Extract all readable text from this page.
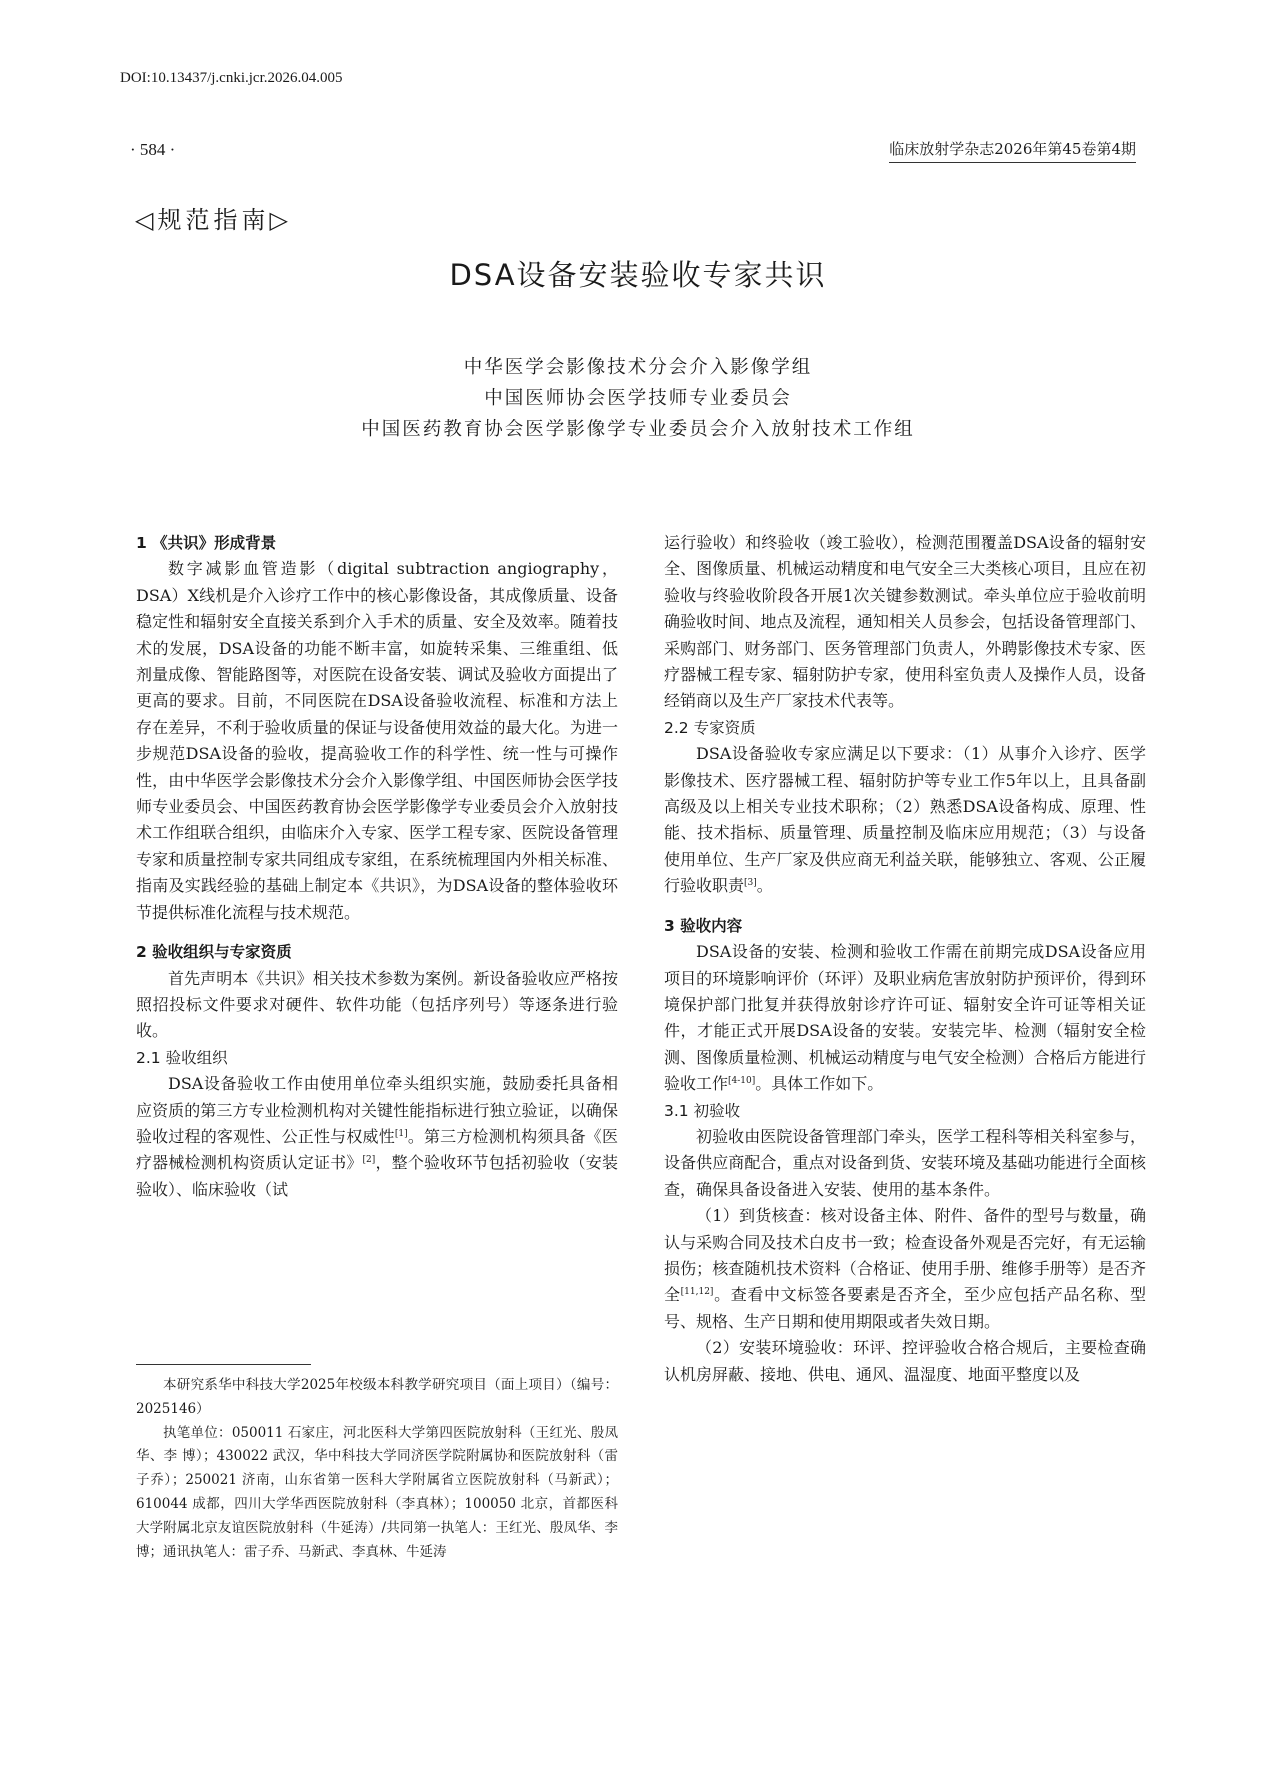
DOI:10.13437/j.cnki.jcr.2026.04.005
· 584 ·	临床放射学杂志2026年第45卷第4期
◁规范指南▷
DSA设备安装验收专家共识
中华医学会影像技术分会介入影像学组
中国医师协会医学技师专业委员会
中国医药教育协会医学影像学专业委员会介入放射技术工作组

1 《共识》形成背景

数字减影血管造影（digital subtraction angiography，DSA）X线机是介入诊疗工作中的核心影像设备，其成像质量、设备稳定性和辐射安全直接关系到介入手术的质量、安全及效率。随着技术的发展，DSA设备的功能不断丰富，如旋转采集、三维重组、低剂量成像、智能路图等，对医院在设备安装、调试及验收方面提出了更高的要求。目前，不同医院在DSA设备验收流程、标准和方法上存在差异，不利于验收质量的保证与设备使用效益的最大化。为进一步规范DSA设备的验收，提高验收工作的科学性、统一性与可操作性，由中华医学会影像技术分会介入影像学组、中国医师协会医学技师专业委员会、中国医药教育协会医学影像学专业委员会介入放射技术工作组联合组织，由临床介入专家、医学工程专家、医院设备管理专家和质量控制专家共同组成专家组，在系统梳理国内外相关标准、指南及实践经验的基础上制定本《共识》，为DSA设备的整体验收环节提供标准化流程与技术规范。

2 验收组织与专家资质

首先声明本《共识》相关技术参数为案例。新设备验收应严格按照招投标文件要求对硬件、软件功能（包括序列号）等逐条进行验收。

2.1 验收组织

DSA设备验收工作由使用单位牵头组织实施，鼓励委托具备相应资质的第三方专业检测机构对关键性能指标进行独立验证，以确保验收过程的客观性、公正性与权威性[1]。第三方检测机构须具备《医疗器械检测机构资质认定证书》[2]，整个验收环节包括初验收（安装验收）、临床验收（试

本研究系华中科技大学2025年校级本科教学研究项目（面上项目）（编号：2025146）

执笔单位：050011 石家庄，河北医科大学第四医院放射科（王红光、殷凤华、李 博）；430022 武汉，华中科技大学同济医学院附属协和医院放射科（雷子乔）；250021 济南，山东省第一医科大学附属省立医院放射科（马新武）；610044 成都，四川大学华西医院放射科（李真林）；100050 北京，首都医科大学附属北京友谊医院放射科（牛延涛）/共同第一执笔人：王红光、殷凤华、李 博；通讯执笔人：雷子乔、马新武、李真林、牛延涛

运行验收）和终验收（竣工验收），检测范围覆盖DSA设备的辐射安全、图像质量、机械运动精度和电气安全三大类核心项目，且应在初验收与终验收阶段各开展1次关键参数测试。牵头单位应于验收前明确验收时间、地点及流程，通知相关人员参会，包括设备管理部门、采购部门、财务部门、医务管理部门负责人，外聘影像技术专家、医疗器械工程专家、辐射防护专家，使用科室负责人及操作人员，设备经销商以及生产厂家技术代表等。

2.2 专家资质

DSA设备验收专家应满足以下要求：（1）从事介入诊疗、医学影像技术、医疗器械工程、辐射防护等专业工作5年以上，且具备副高级及以上相关专业技术职称；（2）熟悉DSA设备构成、原理、性能、技术指标、质量管理、质量控制及临床应用规范；（3）与设备使用单位、生产厂家及供应商无利益关联，能够独立、客观、公正履行验收职责[3]。

3 验收内容

DSA设备的安装、检测和验收工作需在前期完成DSA设备应用项目的环境影响评价（环评）及职业病危害放射防护预评价，得到环境保护部门批复并获得放射诊疗许可证、辐射安全许可证等相关证件，才能正式开展DSA设备的安装。安装完毕、检测（辐射安全检测、图像质量检测、机械运动精度与电气安全检测）合格后方能进行验收工作[4-10]。具体工作如下。

3.1 初验收

初验收由医院设备管理部门牵头，医学工程科等相关科室参与，设备供应商配合，重点对设备到货、安装环境及基础功能进行全面核查，确保具备设备进入安装、使用的基本条件。

（1）到货核查：核对设备主体、附件、备件的型号与数量，确认与采购合同及技术白皮书一致；检查设备外观是否完好，有无运输损伤；核查随机技术资料（合格证、使用手册、维修手册等）是否齐全[11,12]。查看中文标签各要素是否齐全，至少应包括产品名称、型号、规格、生产日期和使用期限或者失效日期。

（2）安装环境验收：环评、控评验收合格合规后，主要检查确认机房屏蔽、接地、供电、通风、温湿度、地面平整度以及
